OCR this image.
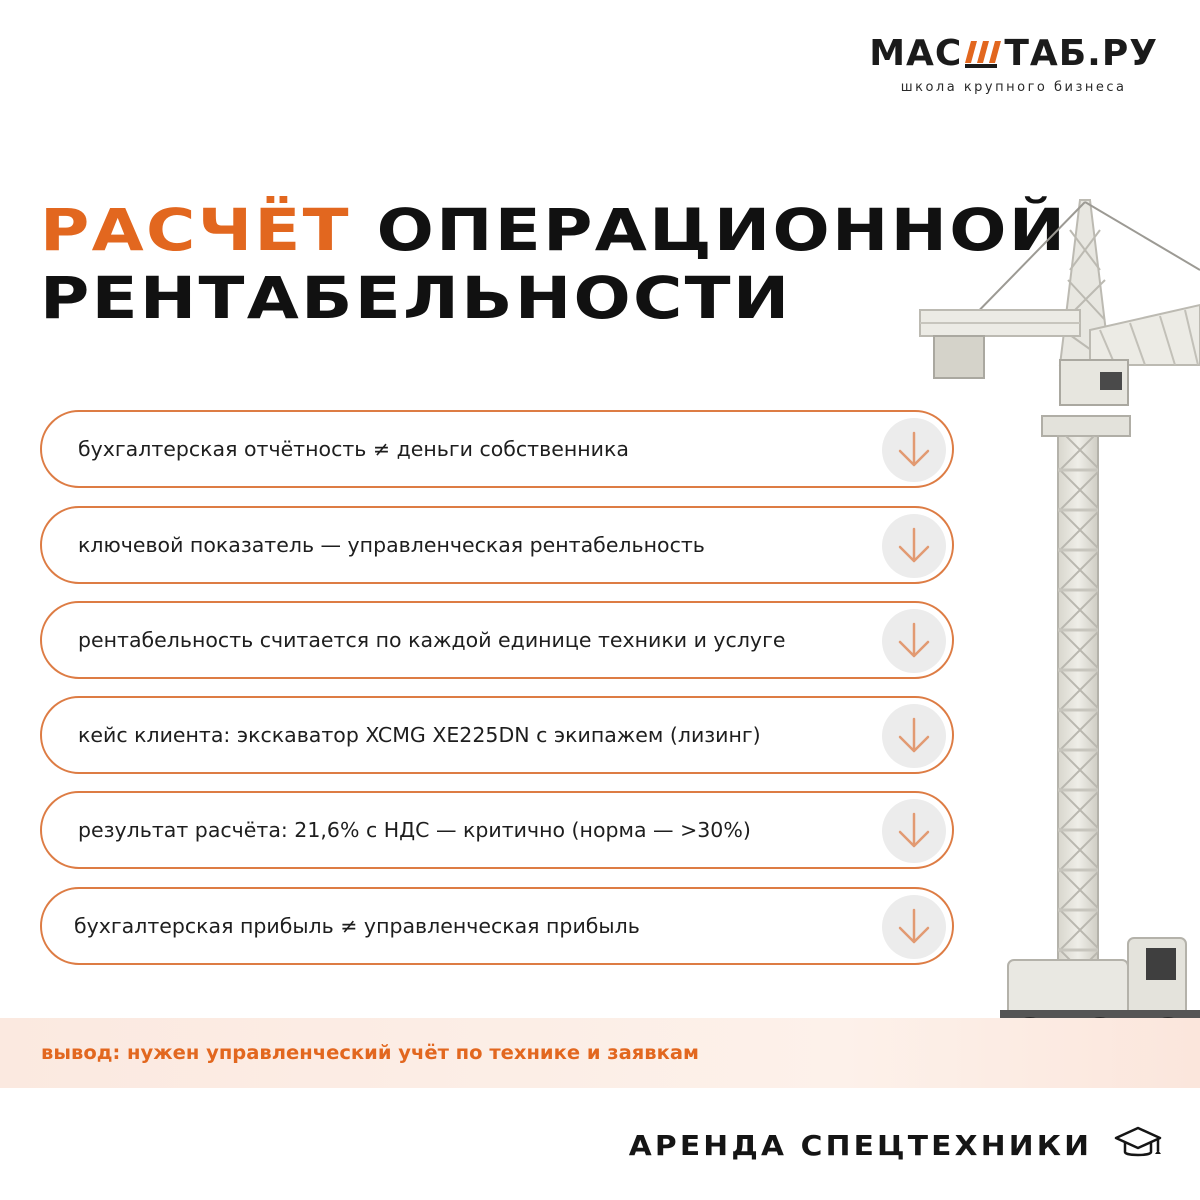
МАС ТАБ.РУ
школа крупного бизнеса
РАСЧЁТ ОПЕРАЦИОННОЙ
РЕНТАБЕЛЬНОСТИ
бухгалтерская отчётность ≠ деньги собственника
ключевой показатель — управленческая рентабельность
рентабельность считается по каждой единице техники и услуге
кейс клиента: экскаватор XCMG XE225DN с экипажем (лизинг)
результат расчёта: 21,6% с НДС — критично (норма — >30%)
бухгалтерская прибыль ≠ управленческая прибыль
вывод: нужен управленческий учёт по технике и заявкам
АРЕНДА СПЕЦТЕХНИКИ
